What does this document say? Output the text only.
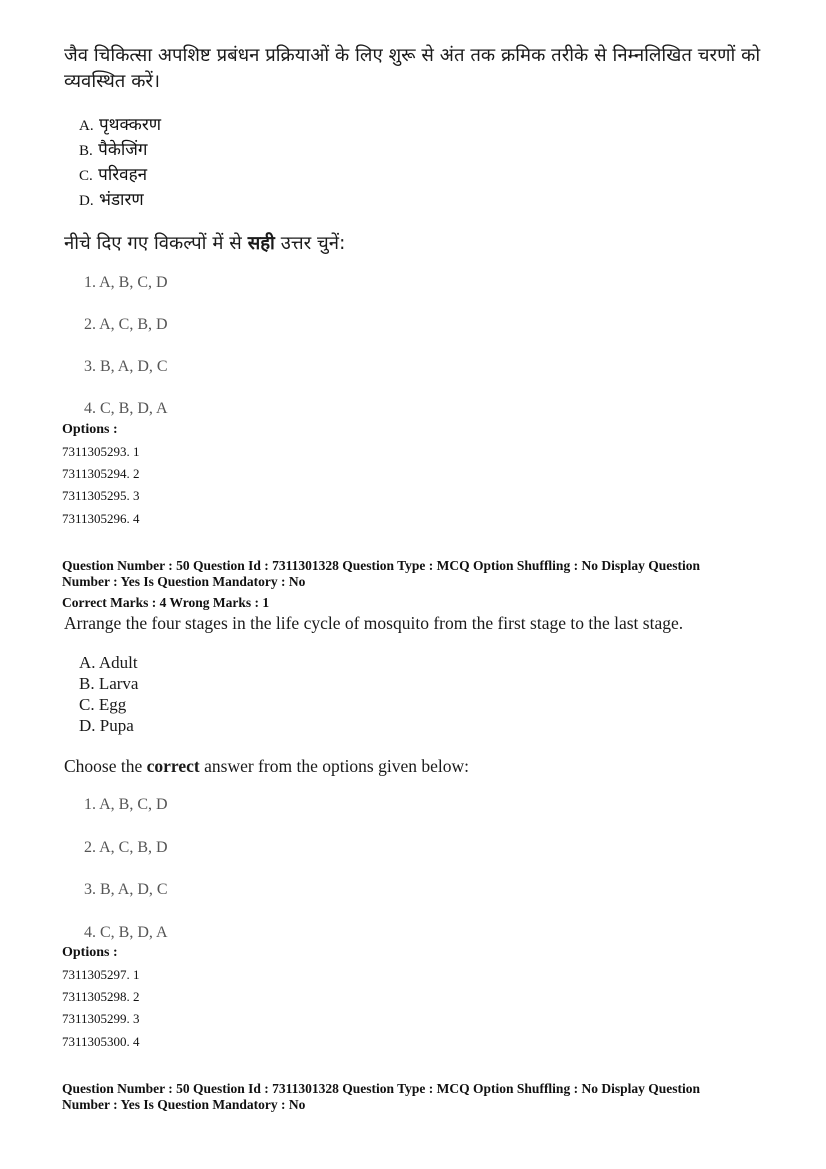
जैव चिकित्सा अपशिष्ट प्रबंधन प्रक्रियाओं के लिए शुरू से अंत तक क्रमिक तरीके से निम्नलिखित चरणों को
व्यवस्थित करें।
A. पृथक्करण
B. पैकेजिंग
C. परिवहन
D. भंडारण
नीचे दिए गए विकल्पों में से सही उत्तर चुनें:
1. A, B, C, D
2. A, C, B, D
3. B, A, D, C
4. C, B, D, A
Options :
7311305293. 1
7311305294. 2
7311305295. 3
7311305296. 4
Question Number : 50 Question Id : 7311301328 Question Type : MCQ Option Shuffling : No Display Question
Number : Yes Is Question Mandatory : No
Correct Marks : 4 Wrong Marks : 1
Arrange the four stages in the life cycle of mosquito from the first stage to the last stage.
A. Adult
B. Larva
C. Egg
D. Pupa
Choose the correct answer from the options given below:
1. A, B, C, D
2. A, C, B, D
3. B, A, D, C
4. C, B, D, A
Options :
7311305297. 1
7311305298. 2
7311305299. 3
7311305300. 4
Question Number : 50 Question Id : 7311301328 Question Type : MCQ Option Shuffling : No Display Question
Number : Yes Is Question Mandatory : No
